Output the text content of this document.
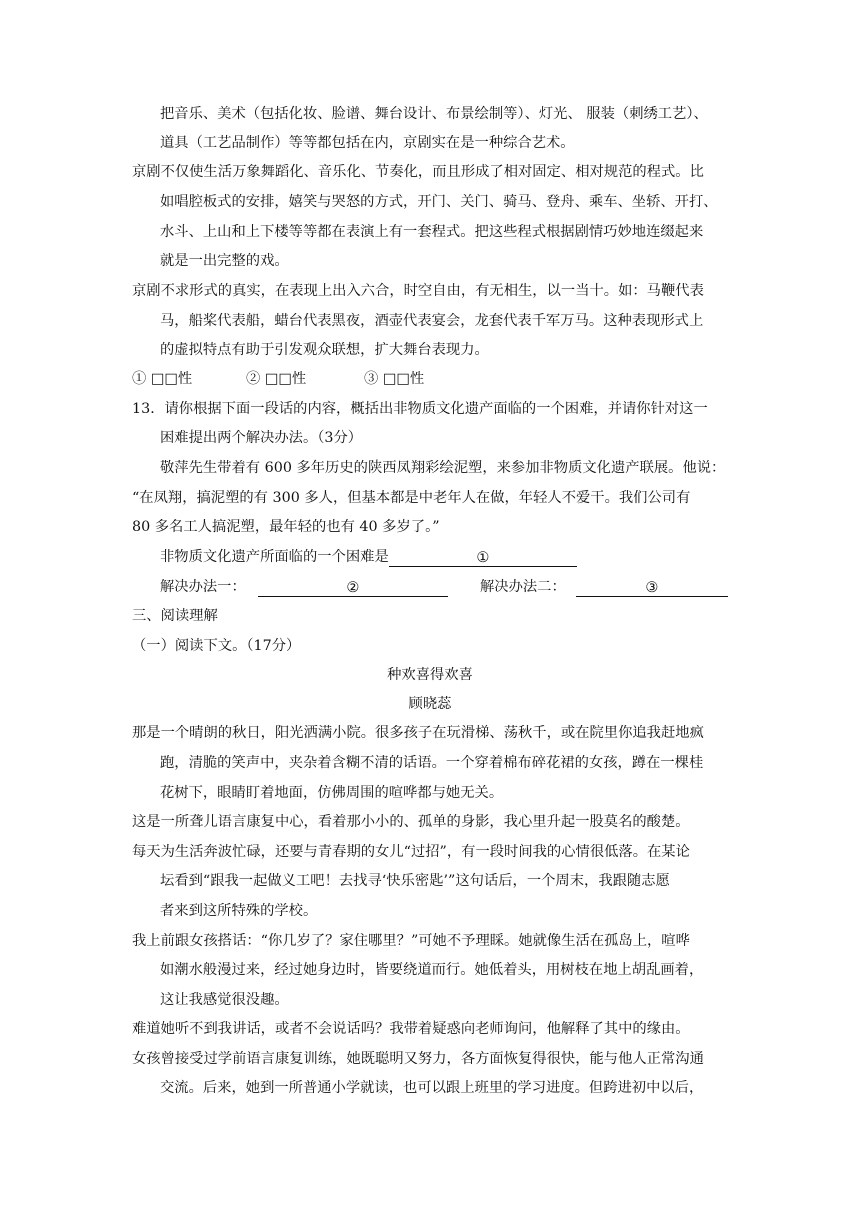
把音乐、美术（包括化妆、脸谱、舞台设计、布景绘制等）、灯光、 服装（刺绣工艺）、
道具（工艺品制作）等等都包括在内，京剧实在是一种综合艺术。
京剧不仅使生活万象舞蹈化、音乐化、节奏化，而且形成了相对固定、相对规范的程式。比
如唱腔板式的安排，嬉笑与哭怒的方式，开门、关门、骑马、登舟、乘车、坐轿、开打、
水斗、上山和上下楼等等都在表演上有一套程式。把这些程式根据剧情巧妙地连缀起来
就是一出完整的戏。
京剧不求形式的真实，在表现上出入六合，时空自由，有无相生，以一当十。如：马鞭代表
马，船桨代表船，蜡台代表黑夜，酒壶代表宴会，龙套代表千军万马。这种表现形式上
的虚拟特点有助于引发观众联想，扩大舞台表现力。
① □□性	② □□性	③ □□性
13．请你根据下面一段话的内容，概括出非物质文化遗产面临的一个困难，并请你针对这一
困难提出两个解决办法。（3分）
敬萍先生带着有 600 多年历史的陕西凤翔彩绘泥塑，来参加非物质文化遗产联展。他说：
“在凤翔，搞泥塑的有 300 多人，但基本都是中老年人在做，年轻人不爱干。我们公司有
80 多名工人搞泥塑，最年轻的也有 40 多岁了。”
非物质文化遗产所面临的一个困难是	①
解决办法一：	②	解决办法二：	③
三、阅读理解
（一）阅读下文。（17分）
种欢喜得欢喜
顾晓蕊
那是一个晴朗的秋日，阳光洒满小院。很多孩子在玩滑梯、荡秋千，或在院里你追我赶地疯
跑，清脆的笑声中，夹杂着含糊不清的话语。一个穿着棉布碎花裙的女孩，蹲在一棵桂
花树下，眼睛盯着地面，仿佛周围的喧哗都与她无关。
这是一所聋儿语言康复中心，看着那小小的、孤单的身影，我心里升起一股莫名的酸楚。
每天为生活奔波忙碌，还要与青春期的女儿“过招”，有一段时间我的心情很低落。在某论
坛看到“跟我一起做义工吧！去找寻‘快乐密匙’”这句话后，一个周末，我跟随志愿
者来到这所特殊的学校。
我上前跟女孩搭话：“你几岁了？家住哪里？”可她不予理睬。她就像生活在孤岛上，喧哗
如潮水般漫过来，经过她身边时，皆要绕道而行。她低着头，用树枝在地上胡乱画着，
这让我感觉很没趣。
难道她听不到我讲话，或者不会说话吗？我带着疑惑向老师询问，他解释了其中的缘由。
女孩曾接受过学前语言康复训练，她既聪明又努力，各方面恢复得很快，能与他人正常沟通
交流。后来，她到一所普通小学就读，也可以跟上班里的学习进度。但跨进初中以后，
